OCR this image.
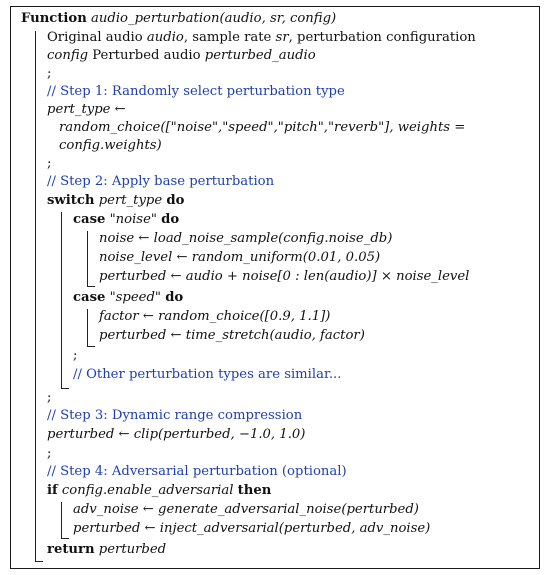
Function audio_perturbation(audio, sr, config)
Original audio audio, sample rate sr, perturbation configuration
config Perturbed audio perturbed_audio
;
// Step 1: Randomly select perturbation type
pert_type ←
random_choice(["noise","speed","pitch","reverb"], weights =
config.weights)
;
// Step 2: Apply base perturbation
switch pert_type do
case "noise" do
noise ← load_noise_sample(config.noise_db)
noise_level ← random_uniform(0.01, 0.05)
perturbed ← audio + noise[0 : len(audio)] × noise_level
case "speed" do
factor ← random_choice([0.9, 1.1])
perturbed ← time_stretch(audio, factor)
;
// Other perturbation types are similar...
;
// Step 3: Dynamic range compression
perturbed ← clip(perturbed, −1.0, 1.0)
;
// Step 4: Adversarial perturbation (optional)
if config.enable_adversarial then
adv_noise ← generate_adversarial_noise(perturbed)
perturbed ← inject_adversarial(perturbed, adv_noise)
return perturbed
